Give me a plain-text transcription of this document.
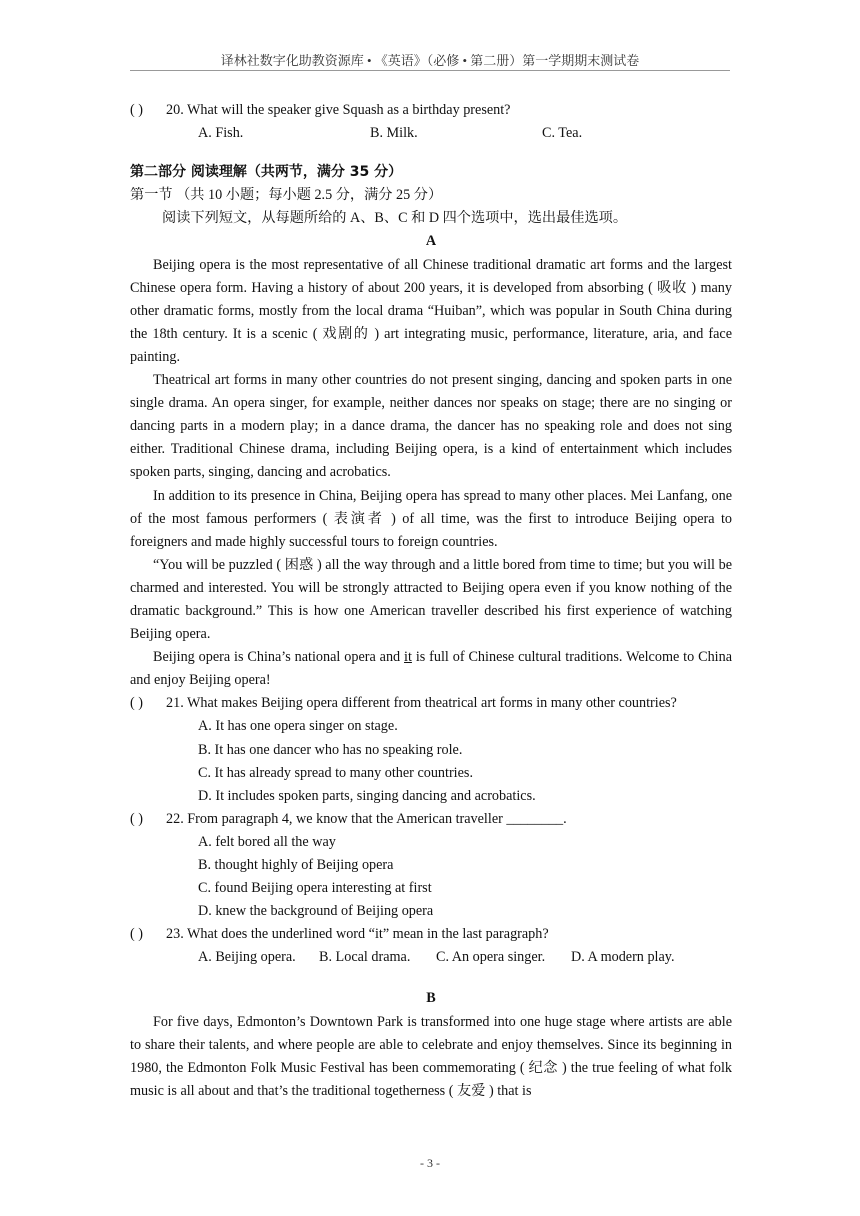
译林社数字化助教资源库 • 《英语》（必修 • 第二册）第一学期期末测试卷
( ) 20. What will the speaker give Squash as a birthday present?
A. Fish.	B. Milk.	C. Tea.
第二部分 阅读理解（共两节，满分 35 分）
第一节 （共 10 小题；每小题 2.5 分，满分 25 分）
阅读下列短文，从每题所给的 A、B、C 和 D 四个选项中，选出最佳选项。
A

Beijing opera is the most representative of all Chinese traditional dramatic art forms and the largest Chinese opera form. Having a history of about 200 years, it is developed from absorbing ( 吸收 ) many other dramatic forms, mostly from the local drama “Huiban”, which was popular in South China during the 18th century. It is a scenic ( 戏剧的 ) art integrating music, performance, literature, aria, and face painting.

Theatrical art forms in many other countries do not present singing, dancing and spoken parts in one single drama. An opera singer, for example, neither dances nor speaks on stage; there are no singing or dancing parts in a modern play; in a dance drama, the dancer has no speaking role and does not sing either. Traditional Chinese drama, including Beijing opera, is a kind of entertainment which includes spoken parts, singing, dancing and acrobatics.

In addition to its presence in China, Beijing opera has spread to many other places. Mei Lanfang, one of the most famous performers ( 表演者 ) of all time, was the first to introduce Beijing opera to foreigners and made highly successful tours to foreign countries.

“You will be puzzled ( 困惑 ) all the way through and a little bored from time to time; but you will be charmed and interested. You will be strongly attracted to Beijing opera even if you know nothing of the dramatic background.” This is how one American traveller described his first experience of watching Beijing opera.

Beijing opera is China’s national opera and it is full of Chinese cultural traditions. Welcome to China and enjoy Beijing opera!

( ) 21. What makes Beijing opera different from theatrical art forms in many other countries?
A. It has one opera singer on stage.
B. It has one dancer who has no speaking role.
C. It has already spread to many other countries.
D. It includes spoken parts, singing dancing and acrobatics.
( ) 22. From paragraph 4, we know that the American traveller ________.
A. felt bored all the way
B. thought highly of Beijing opera
C. found Beijing opera interesting at first
D. knew the background of Beijing opera
( ) 23. What does the underlined word “it” mean in the last paragraph?
A. Beijing opera. B. Local drama. C. An opera singer. D. A modern play.
B

For five days, Edmonton’s Downtown Park is transformed into one huge stage where artists are able to share their talents, and where people are able to celebrate and enjoy themselves. Since its beginning in 1980, the Edmonton Folk Music Festival has been commemorating ( 纪念 ) the true feeling of what folk music is all about and that’s the traditional togetherness ( 友爱 ) that is

- 3 -
